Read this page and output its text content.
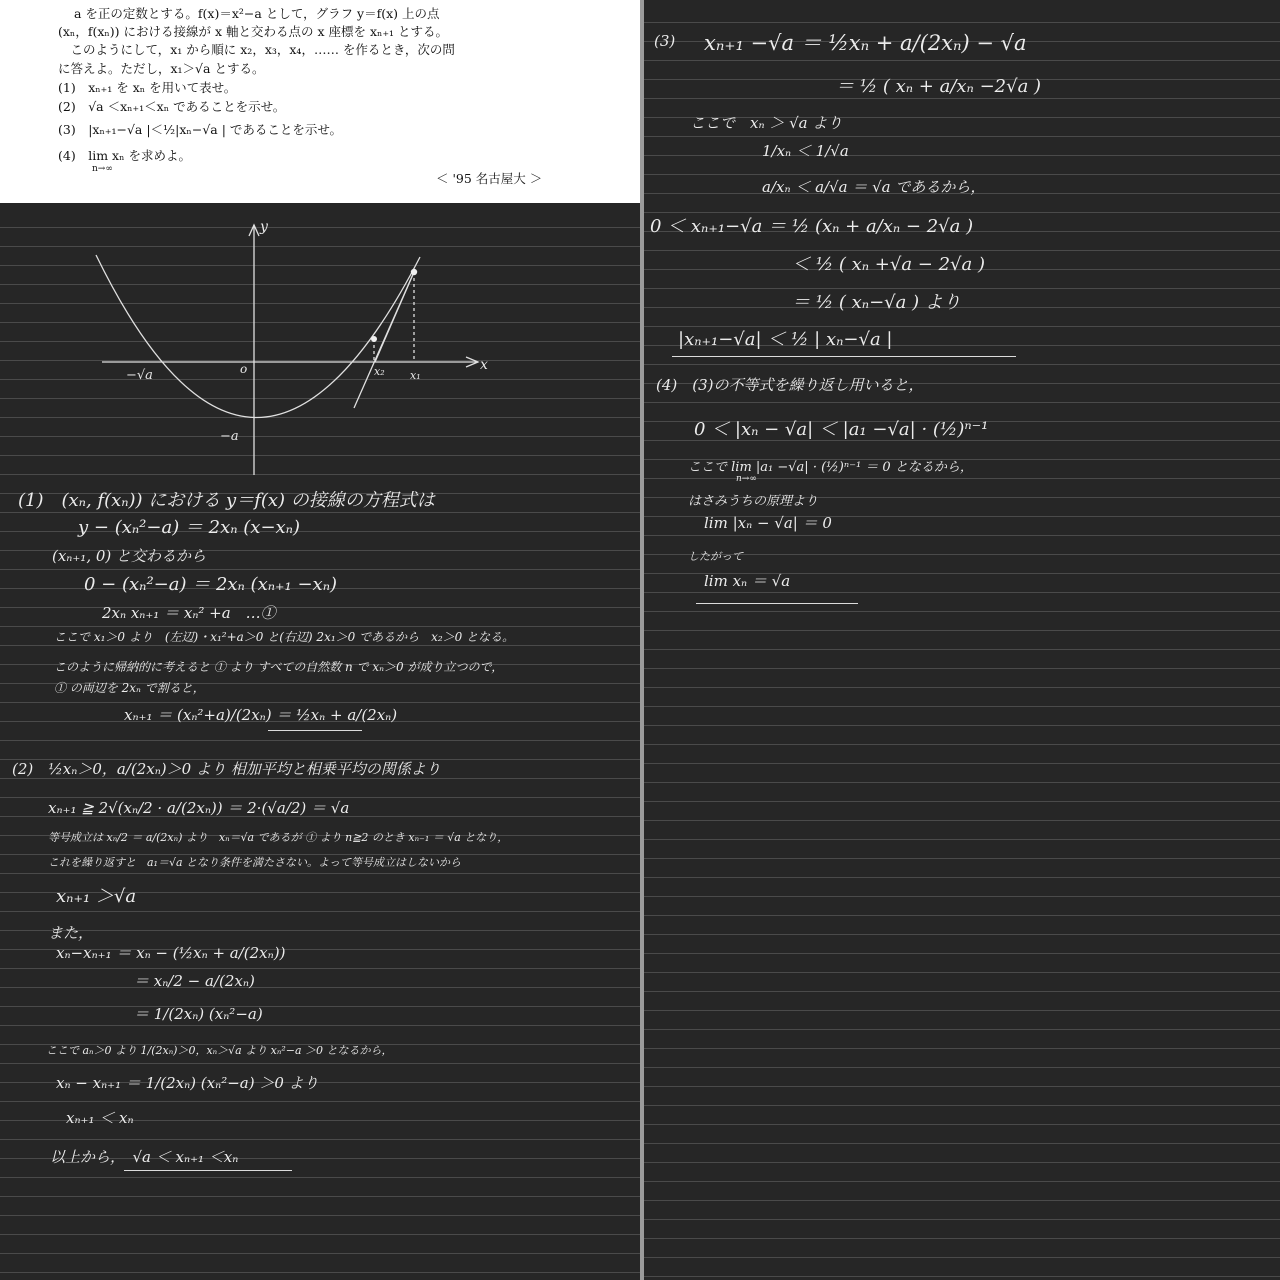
a を正の定数とする。f(x)＝x²−a として，グラフ y＝f(x) 上の点
(xₙ，f(xₙ)) における接線が x 軸と交わる点の x 座標を xₙ₊₁ とする。
　このようにして，x₁ から順に x₂，x₃，x₄，…… を作るとき，次の問
に答えよ。ただし，x₁＞√a とする。
(1)　xₙ₊₁ を xₙ を用いて表せ。
(2)　√a ＜xₙ₊₁＜xₙ であることを示せ。
(3)　|xₙ₊₁−√a |＜½|xₙ−√a | であることを示せ。
(4)　lim xₙ を求めよ。
n→∞
＜ '95 名古屋大 ＞
y
x
o
−√a
−a
x₂ x₁
(1)　(xₙ, f(xₙ)) における y＝f(x) の接線の方程式は
y − (xₙ²−a) ＝ 2xₙ (x−xₙ)
(xₙ₊₁, 0) と交わるから
0 − (xₙ²−a) ＝ 2xₙ (xₙ₊₁ −xₙ)
2xₙ xₙ₊₁ ＝ xₙ² +a　…①
ここで x₁＞0 より　(左辺)・x₁²+a＞0 と(右辺) 2x₁＞0 であるから　x₂＞0 となる。
このように帰納的に考えると ① より すべての自然数 n で xₙ＞0 が成り立つので，
① の両辺を 2xₙ で割ると，
xₙ₊₁ ＝ (xₙ²+a)/(2xₙ) ＝ ½xₙ + a/(2xₙ)
(2)　½xₙ＞0，a/(2xₙ)＞0 より 相加平均と相乗平均の関係より
xₙ₊₁ ≧ 2√(xₙ/2 · a/(2xₙ)) ＝ 2·(√a/2) ＝ √a
等号成立は xₙ/2 ＝ a/(2xₙ) より　xₙ＝√a であるが ① より n≧2 のとき xₙ₋₁ ＝ √a となり，
これを繰り返すと　a₁＝√a となり条件を満たさない。よって等号成立はしないから
xₙ₊₁ ＞√a
また，
xₙ−xₙ₊₁ ＝ xₙ − (½xₙ + a/(2xₙ))
＝ xₙ/2 − a/(2xₙ)
＝ 1/(2xₙ) (xₙ²−a)
ここで aₙ＞0 より 1/(2xₙ)＞0，xₙ＞√a より xₙ²−a ＞0 となるから，
xₙ − xₙ₊₁ ＝ 1/(2xₙ) (xₙ²−a) ＞0 より
xₙ₊₁ ＜ xₙ
以上から，　√a ＜ xₙ₊₁ ＜xₙ
(3) xₙ₊₁ −√a ＝ ½xₙ + a/(2xₙ) − √a
＝ ½ ( xₙ + a/xₙ −2√a )
ここで　xₙ ＞ √a より
1/xₙ ＜ 1/√a
a/xₙ ＜ a/√a ＝ √a であるから，
0 ＜ xₙ₊₁−√a ＝ ½ (xₙ + a/xₙ − 2√a )
＜ ½ ( xₙ +√a − 2√a )
＝ ½ ( xₙ−√a ) より
|xₙ₊₁−√a| ＜ ½ | xₙ−√a |
(4)　(3)の不等式を繰り返し用いると，
0 ＜ |xₙ − √a| ＜ |a₁ −√a| · (½)ⁿ⁻¹
ここで lim |a₁ −√a| · (½)ⁿ⁻¹ ＝ 0 となるから，
n→∞
はさみうちの原理より
lim |xₙ − √a| ＝ 0
したがって
lim xₙ ＝ √a
